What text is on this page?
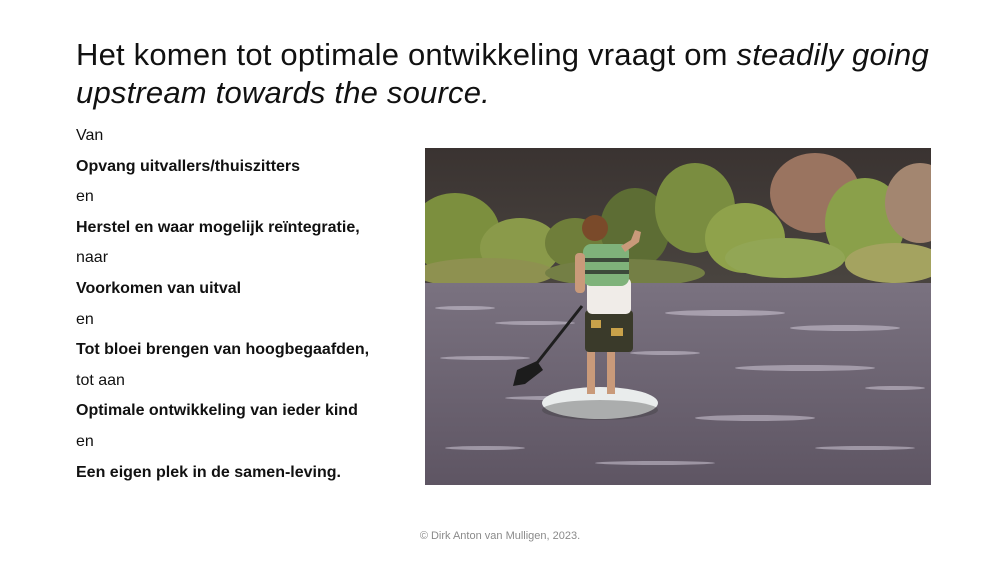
Het komen tot optimale ontwikkeling vraagt om steadily going upstream towards the source.
Van
Opvang uitvallers/thuiszitters
en
Herstel en waar mogelijk reïntegratie,
naar
Voorkomen van uitval
en
Tot bloei brengen van hoogbegaafden,
tot aan
Optimale ontwikkeling van ieder kind
en
Een eigen plek in de samen-leving.
© Dirk Anton van Mulligen, 2023.
